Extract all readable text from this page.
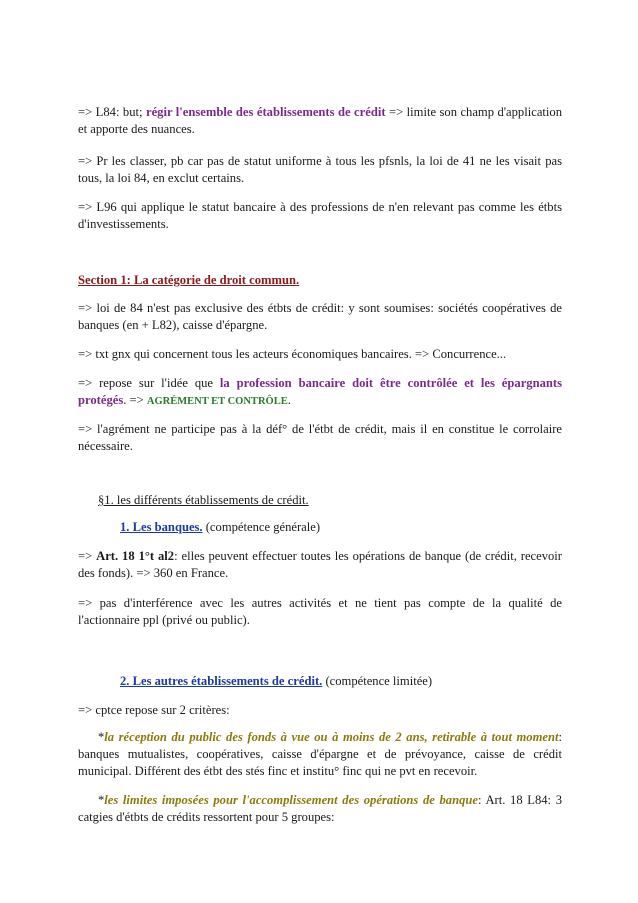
=> L84: but; régir l'ensemble des établissements de crédit => limite son champ d'application et apporte des nuances.

=> Pr les classer, pb car pas de statut uniforme à tous les pfsnls, la loi de 41 ne les visait pas tous, la loi 84, en exclut certains.

=> L96 qui applique le statut bancaire à des professions de n'en relevant pas comme les étbts d'investissements.

Section 1: La catégorie de droit commun.

=> loi de 84 n'est pas exclusive des étbts de crédit: y sont soumises: sociétés coopératives de banques (en + L82), caisse d'épargne.

=> txt gnx qui concernent tous les acteurs économiques bancaires. => Concurrence...

=> repose sur l'idée que la profession bancaire doit être contrôlée et les épargnants protégés. => AGRÉMENT ET CONTRÔLE.

=> l'agrément ne participe pas à la déf° de l'étbt de crédit, mais il en constitue le corrolaire nécessaire.

§1. les différents établissements de crédit.

1. Les banques. (compétence générale)

=> Art. 18 1°t al2: elles peuvent effectuer toutes les opérations de banque (de crédit, recevoir des fonds). => 360 en France.

=> pas d'interférence avec les autres activités et ne tient pas compte de la qualité de l'actionnaire ppl (privé ou public).

2. Les autres établissements de crédit. (compétence limitée)

=> cptce repose sur 2 critères:

*la réception du public des fonds à vue ou à moins de 2 ans, retirable à tout moment: banques mutualistes, coopératives, caisse d'épargne et de prévoyance, caisse de crédit municipal. Différent des étbt des stés finc et institu° finc qui ne pvt en recevoir.

*les limites imposées pour l'accomplissement des opérations de banque: Art. 18 L84: 3 catgies d'étbts de crédits ressortent pour 5 groupes:
